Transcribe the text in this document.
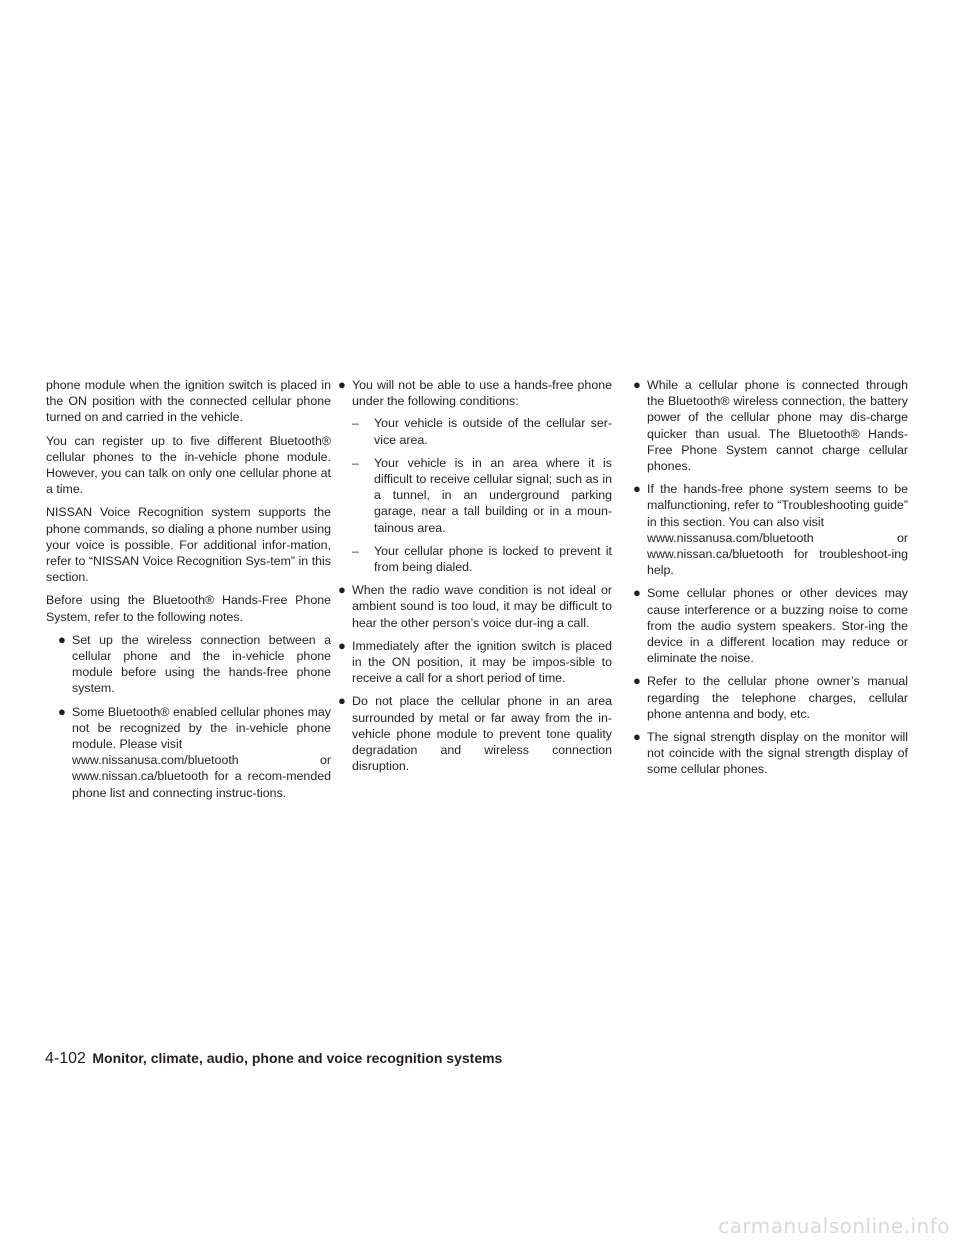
phone module when the ignition switch is placed in the ON position with the connected cellular phone turned on and carried in the vehicle.

You can register up to five different Bluetooth® cellular phones to the in-vehicle phone module. However, you can talk on only one cellular phone at a time.

NISSAN Voice Recognition system supports the phone commands, so dialing a phone number using your voice is possible. For additional infor-mation, refer to “NISSAN Voice Recognition Sys-tem” in this section.

Before using the Bluetooth® Hands-Free Phone System, refer to the following notes.

● Set up the wireless connection between a cellular phone and the in-vehicle phone module before using the hands-free phone system.
● Some Bluetooth® enabled cellular phones may not be recognized by the in-vehicle phone module. Please visit
www.nissanusa.com/bluetooth	or
www.nissan.ca/bluetooth for a recom-mended phone list and connecting instruc-tions.
● You will not be able to use a hands-free phone under the following conditions:
– Your vehicle is outside of the cellular ser-vice area.
– Your vehicle is in an area where it is difficult to receive cellular signal; such as in a tunnel, in an underground parking garage, near a tall building or in a moun-tainous area.
– Your cellular phone is locked to prevent it from being dialed.
● When the radio wave condition is not ideal or ambient sound is too loud, it may be difficult to hear the other person’s voice dur-ing a call.
● Immediately after the ignition switch is placed in the ON position, it may be impos-sible to receive a call for a short period of time.
● Do not place the cellular phone in an area surrounded by metal or far away from the in-vehicle phone module to prevent tone quality degradation and wireless connection disruption.
● While a cellular phone is connected through the Bluetooth® wireless connection, the battery power of the cellular phone may dis-charge quicker than usual. The Bluetooth® Hands-Free Phone System cannot charge cellular phones.
● If the hands-free phone system seems to be malfunctioning, refer to “Troubleshooting guide” in this section. You can also visit
www.nissanusa.com/bluetooth	or
www.nissan.ca/bluetooth for troubleshoot-ing help.
● Some cellular phones or other devices may cause interference or a buzzing noise to come from the audio system speakers. Stor-ing the device in a different location may reduce or eliminate the noise.
● Refer to the cellular phone owner’s manual regarding the telephone charges, cellular phone antenna and body, etc.
● The signal strength display on the monitor will not coincide with the signal strength display of some cellular phones.
4-102 Monitor, climate, audio, phone and voice recognition systems
carmanualsonline.info
